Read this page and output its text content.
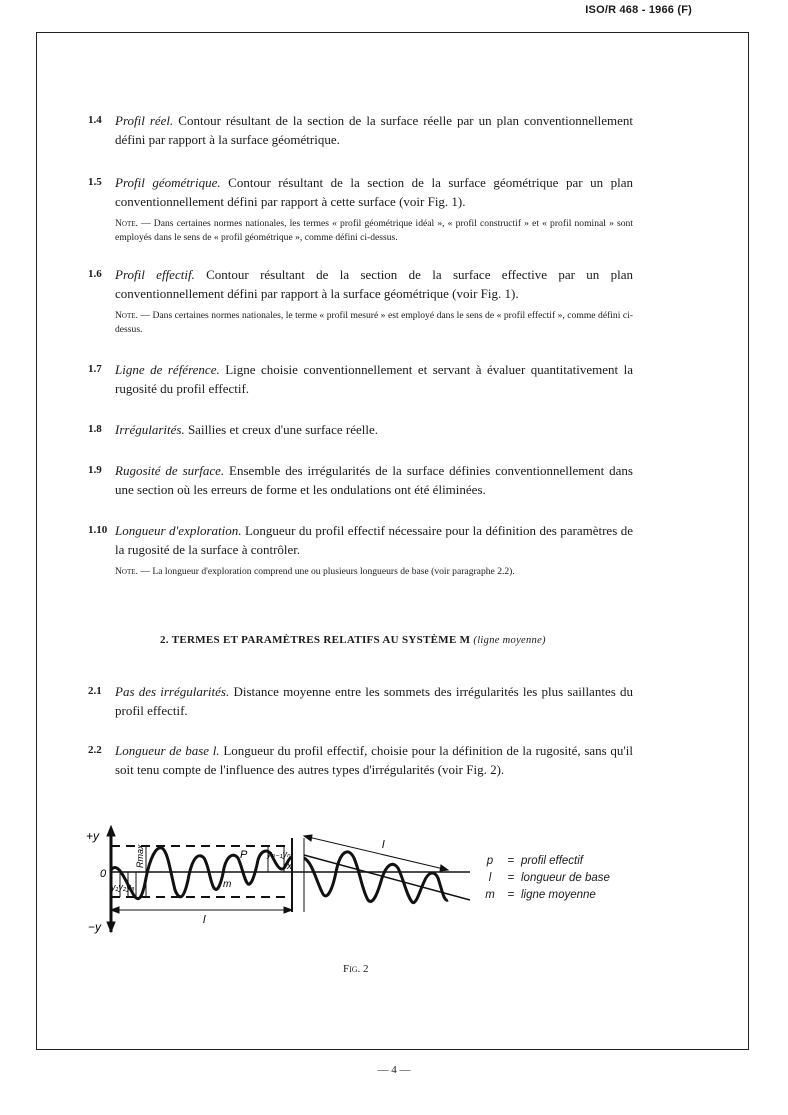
ISO/R 468 - 1966 (F)
1.4 Profil réel. Contour résultant de la section de la surface réelle par un plan conventionnellement défini par rapport à la surface géométrique.
1.5 Profil géométrique. Contour résultant de la section de la surface géométrique par un plan conventionnellement défini par rapport à cette surface (voir Fig. 1).
Note. — Dans certaines normes nationales, les termes « profil géométrique idéal », « profil constructif » et « profil nominal » sont employés dans le sens de « profil géométrique », comme défini ci-dessus.
1.6 Profil effectif. Contour résultant de la section de la surface effective par un plan conventionnellement défini par rapport à la surface géométrique (voir Fig. 1).
Note. — Dans certaines normes nationales, le terme « profil mesuré » est employé dans le sens de « profil effectif », comme défini ci-dessus.
1.7 Ligne de référence. Ligne choisie conventionnellement et servant à évaluer quantitativement la rugosité du profil effectif.
1.8 Irrégularités. Saillies et creux d'une surface réelle.
1.9 Rugosité de surface. Ensemble des irrégularités de la surface définies conventionnellement dans une section où les erreurs de forme et les ondulations ont été éliminées.
1.10 Longueur d'exploration. Longueur du profil effectif nécessaire pour la définition des paramètres de la rugosité de la surface à contrôler.
Note. — La longueur d'exploration comprend une ou plusieurs longueurs de base (voir paragraphe 2.2).
2. TERMES ET PARAMÈTRES RELATIFS AU SYSTÈME M (ligne moyenne)
2.1 Pas des irrégularités. Distance moyenne entre les sommets des irrégularités les plus saillantes du profil effectif.
2.2 Longueur de base l. Longueur du profil effectif, choisie pour la définition de la rugosité, sans qu'il soit tenu compte de l'influence des autres types d'irrégularités (voir Fig. 2).
+y
−y
0
y₁y₂y₃
Rmax	P
m
yₙ₋₁yₙ
x
l
l
p = profil effectif
l = longueur de base
m = ligne moyenne
Fig. 2
— 4 —
